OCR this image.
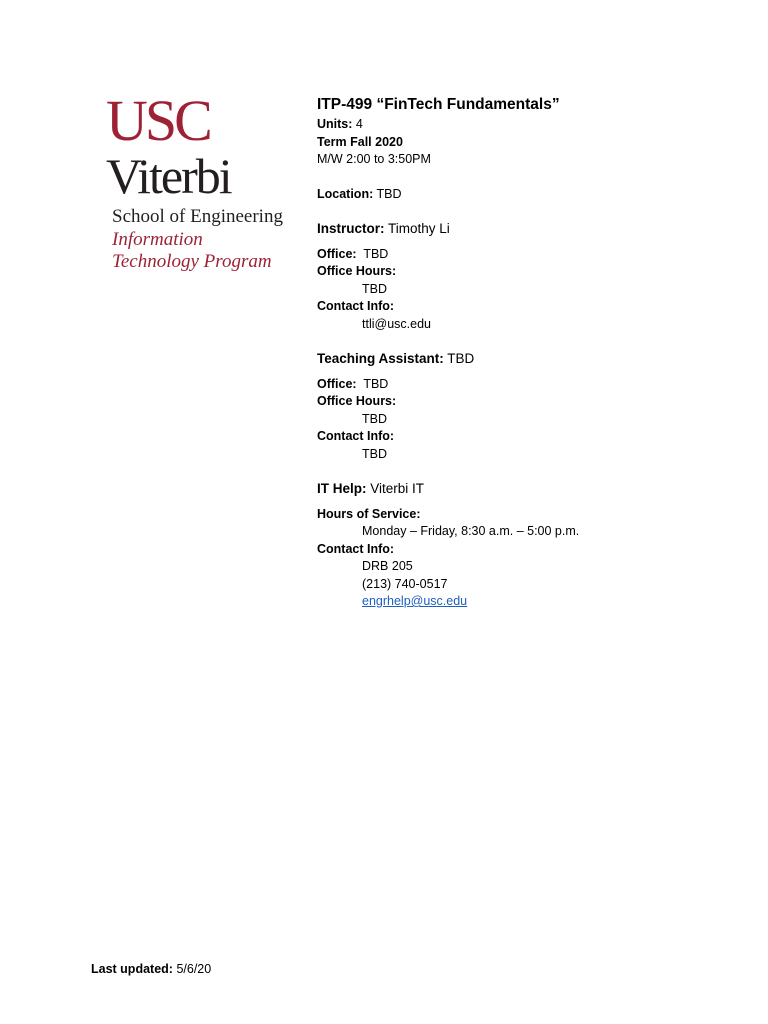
USC
Viterbi
School of Engineering
Information
Technology Program
ITP-499 “FinTech Fundamentals”
Units: 4
Term Fall 2020
M/W 2:00 to 3:50PM
Location: TBD
Instructor: Timothy Li
Office: TBD
Office Hours:
TBD
Contact Info:
ttli@usc.edu
Teaching Assistant: TBD
Office: TBD
Office Hours:
TBD
Contact Info:
TBD
IT Help: Viterbi IT
Hours of Service:
Monday – Friday, 8:30 a.m. – 5:00 p.m.
Contact Info:
DRB 205
(213) 740-0517
engrhelp@usc.edu
Last updated: 5/6/20
